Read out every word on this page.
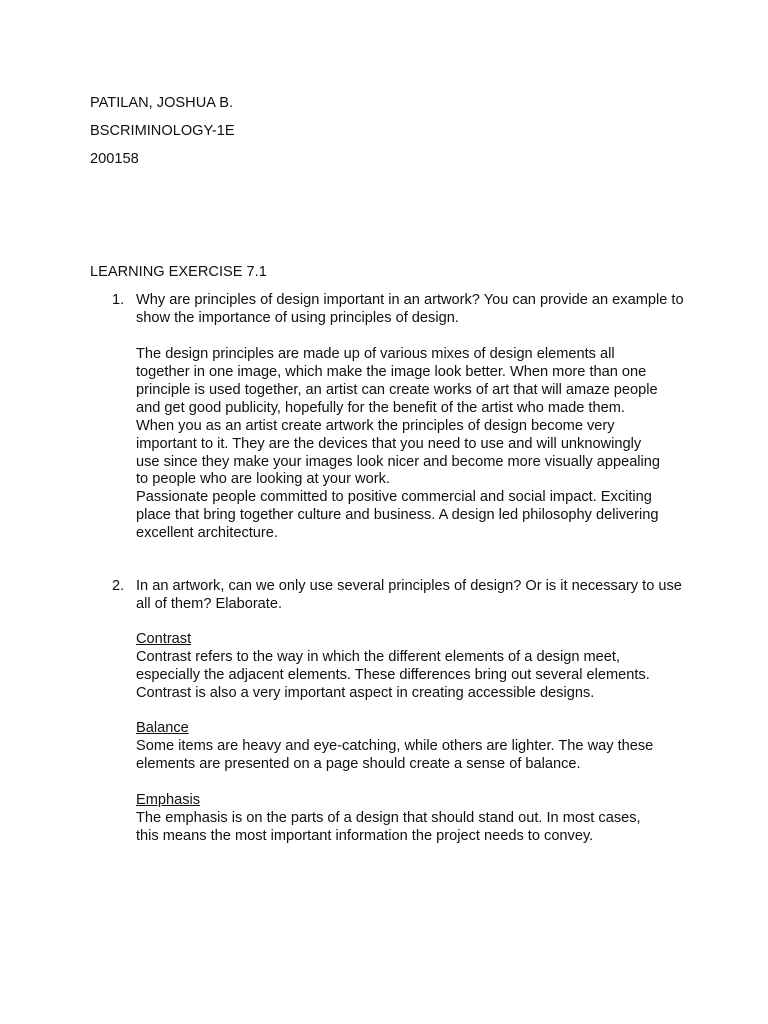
PATILAN, JOSHUA B.
BSCRIMINOLOGY-1E
200158
LEARNING EXERCISE 7.1
1. Why are principles of design important in an artwork? You can provide an example to show the importance of using principles of design.
The design principles are made up of various mixes of design elements all
together in one image, which make the image look better. When more than one
principle is used together, an artist can create works of art that will amaze people
and get good publicity, hopefully for the benefit of the artist who made them.
When you as an artist create artwork the principles of design become very
important to it. They are the devices that you need to use and will unknowingly
use since they make your images look nicer and become more visually appealing
to people who are looking at your work.
Passionate people committed to positive commercial and social impact. Exciting
place that bring together culture and business. A design led philosophy delivering
excellent architecture.
2. In an artwork, can we only use several principles of design? Or is it necessary to use all of them? Elaborate.
Contrast
Contrast refers to the way in which the different elements of a design meet,
especially the adjacent elements. These differences bring out several elements.
Contrast is also a very important aspect in creating accessible designs.
Balance
Some items are heavy and eye-catching, while others are lighter. The way these
elements are presented on a page should create a sense of balance.
Emphasis
The emphasis is on the parts of a design that should stand out. In most cases,
this means the most important information the project needs to convey.
